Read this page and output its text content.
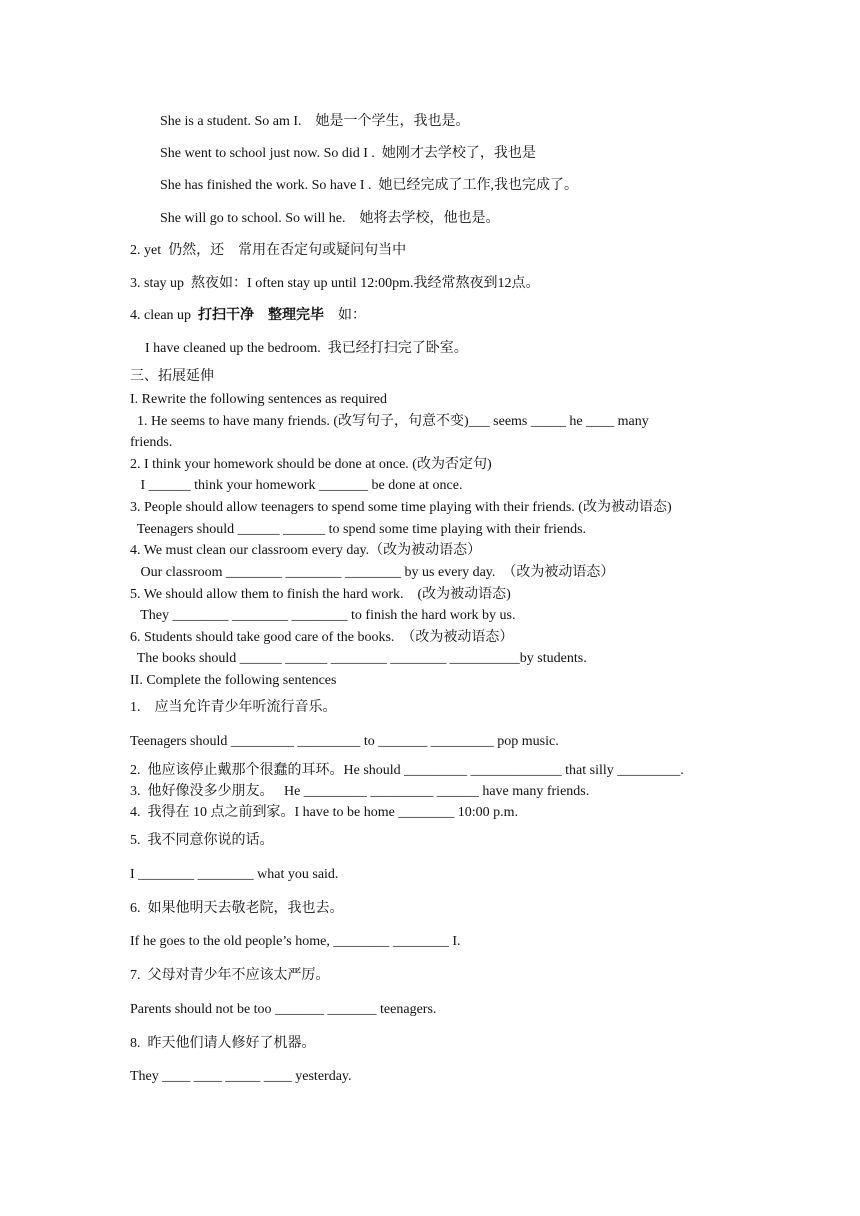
She is a student. So am I.    她是一个学生，我也是。
She went to school just now. So did I .  她刚才去学校了，我也是
She has finished the work. So have I .  她已经完成了工作,我也完成了。
She will go to school. So will he.    她将去学校，他也是。
2. yet  仍然，还    常用在否定句或疑问句当中
3. stay up  熬夜如：I often stay up until 12:00pm.我经常熬夜到12点。
4. clean up  打扫干净    整理完毕    如：
I have cleaned up the bedroom.  我已经打扫完了卧室。
三、拓展延伸
I. Rewrite the following sentences as required
1. He seems to have many friends. (改写句子，句意不变)___ seems _____ he ____ many
friends.
2. I think your homework should be done at once. (改为否定句)
I ______ think your homework _______ be done at once.
3. People should allow teenagers to spend some time playing with their friends. (改为被动语态)
Teenagers should ______ ______ to spend some time playing with their friends.
4. We must clean our classroom every day.（改为被动语态）
Our classroom ________ ________ ________ by us every day.  （改为被动语态）
5. We should allow them to finish the hard work.    (改为被动语态)
They ________ ________ ________ to finish the hard work by us.
6. Students should take good care of the books.  （改为被动语态）
The books should ______ ______ ________ ________ __________by students.
II. Complete the following sentences
1.    应当允许青少年听流行音乐。
Teenagers should _________ _________ to _______ _________ pop music.
2.  他应该停止戴那个很蠢的耳环。He should _________ _____________ that silly _________.
3.  他好像没多少朋友。   He _________ _________ ______ have many friends.
4.  我得在 10 点之前到家。I have to be home ________ 10:00 p.m.
5.  我不同意你说的话。
I ________ ________ what you said.
6.  如果他明天去敬老院，我也去。
If he goes to the old people’s home, ________ ________ I.
7.  父母对青少年不应该太严厉。
Parents should not be too _______ _______ teenagers.
8.  昨天他们请人修好了机器。
They ____ ____ _____ ____ yesterday.
